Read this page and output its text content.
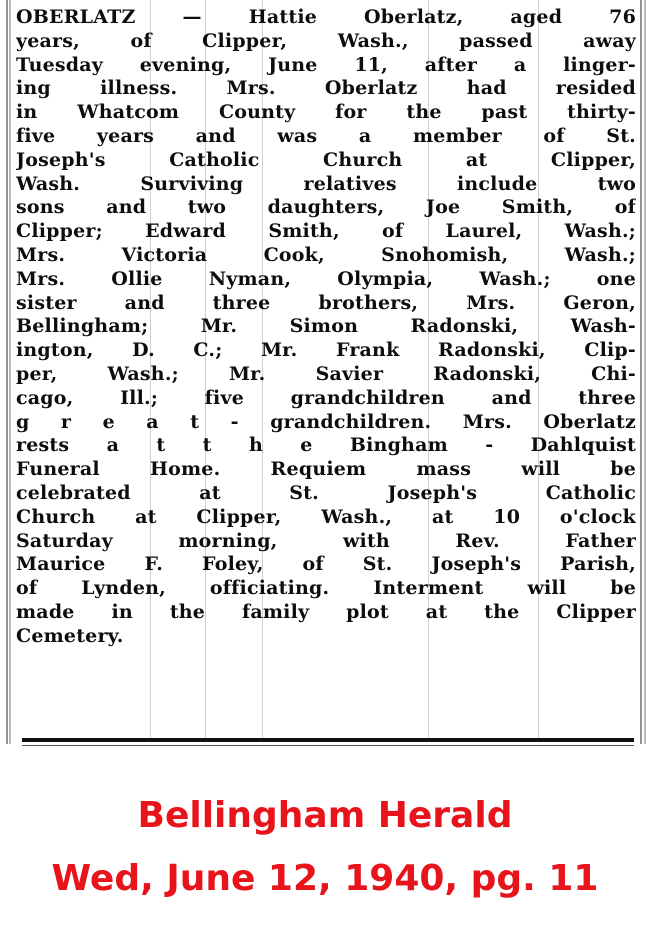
OBERLATZ — Hattie Oberlatz, aged 76
years, of Clipper, Wash., passed away
Tuesday evening, June 11, after a linger-
ing illness. Mrs. Oberlatz had resided
in Whatcom County for the past thirty-
five years and was a member of St.
Joseph's Catholic Church at Clipper,
Wash. Surviving relatives include two
sons and two daughters, Joe Smith, of
Clipper; Edward Smith, of Laurel, Wash.;
Mrs. Victoria Cook, Snohomish, Wash.;
Mrs. Ollie Nyman, Olympia, Wash.; one
sister and three brothers, Mrs. Geron,
Bellingham; Mr. Simon Radonski, Wash-
ington, D. C.; Mr. Frank Radonski, Clip-
per, Wash.; Mr. Savier Radonski, Chi-
cago, Ill.; five grandchildren and three
g r e a t - grandchildren. Mrs. Oberlatz
rests a t t h e Bingham - Dahlquist
Funeral Home. Requiem mass will be
celebrated at St. Joseph's Catholic
Church at Clipper, Wash., at 10 o'clock
Saturday morning, with Rev. Father
Maurice F. Foley, of St. Joseph's Parish,
of Lynden, officiating. Interment will be
made in the family plot at the Clipper
Cemetery.
Bellingham Herald
Wed, June 12, 1940, pg. 11
